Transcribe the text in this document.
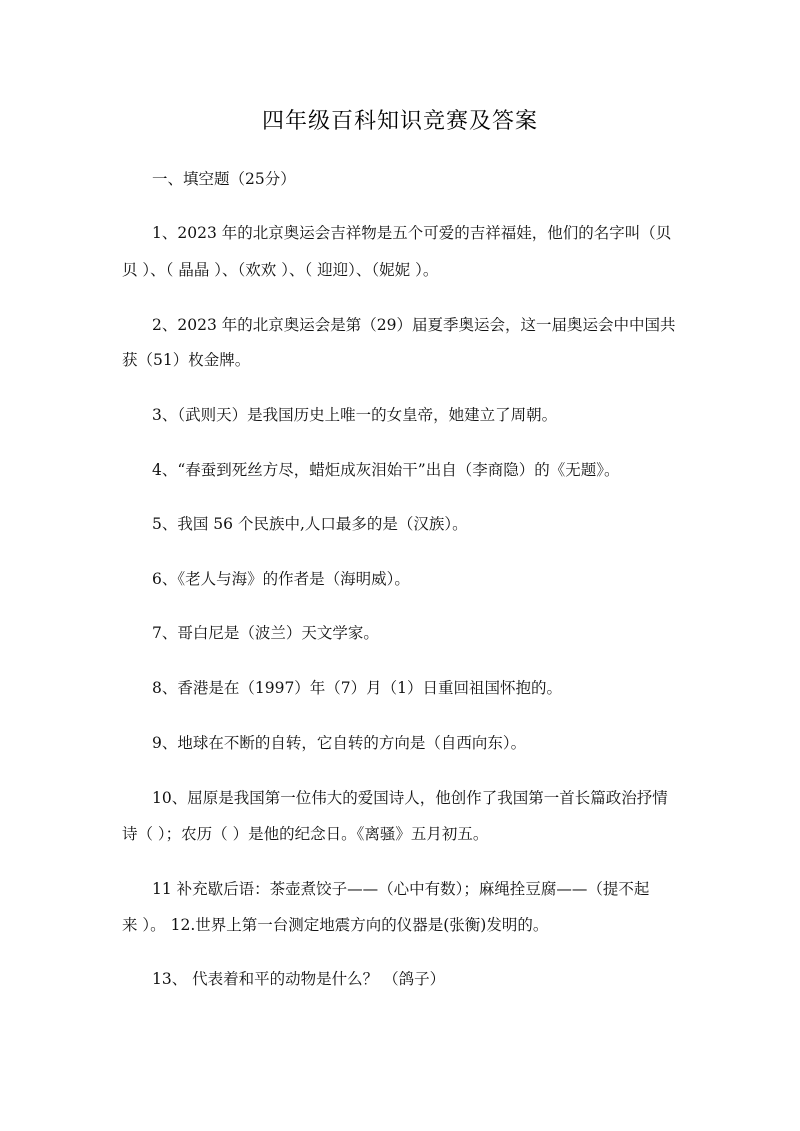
四年级百科知识竞赛及答案
一、填空题（25分）
1、2023 年的北京奥运会吉祥物是五个可爱的吉祥福娃，他们的名字叫（贝
贝 ）、（ 晶晶 ）、（欢欢 ）、（ 迎迎）、（妮妮 ）。
2、2023 年的北京奥运会是第（29）届夏季奥运会，这一届奥运会中中国共
获（51）枚金牌。
3、（武则天）是我国历史上唯一的女皇帝，她建立了周朝。
4、“春蚕到死丝方尽，蜡炬成灰泪始干”出自（李商隐）的《无题》。
5、我国 56 个民族中,人口最多的是（汉族）。
6、《老人与海》的作者是（海明威）。
7、哥白尼是（波兰）天文学家。
8、香港是在（1997）年（7）月（1）日重回祖国怀抱的。
9、地球在不断的自转，它自转的方向是（自西向东）。
10、屈原是我国第一位伟大的爱国诗人，他创作了我国第一首长篇政治抒情
诗（ ）；农历（ ）是他的纪念日。《离骚》五月初五。
11 补充歇后语：茶壶煮饺子——（心中有数）；麻绳拴豆腐——（提不起
来 ）。 12.世界上第一台测定地震方向的仪器是(张衡)发明的。
13、 代表着和平的动物是什么？ （鸽子）
